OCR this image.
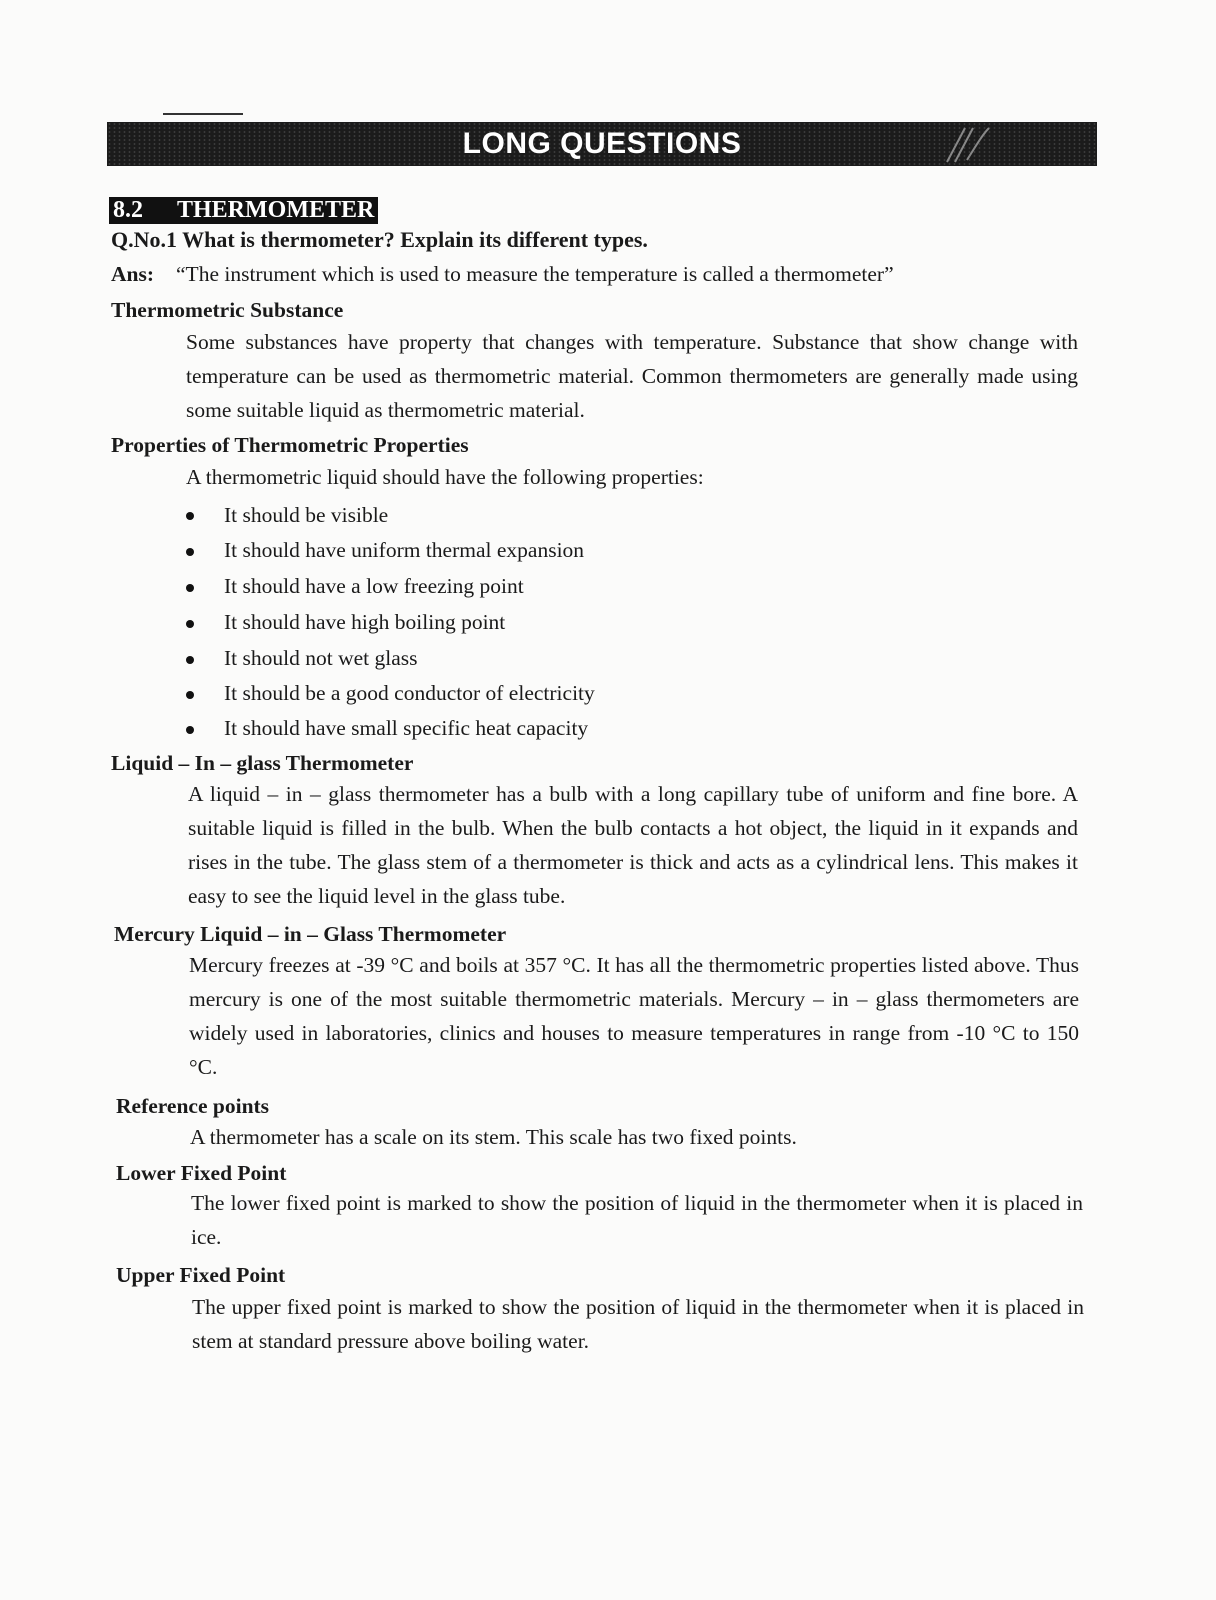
LONG QUESTIONS
8.2 THERMOMETER
Q.No.1 What is thermometer? Explain its different types.
Ans: “The instrument which is used to measure the temperature is called a thermometer”
Thermometric Substance
Some substances have property that changes with temperature. Substance that show change with temperature can be used as thermometric material. Common thermometers are generally made using some suitable liquid as thermometric material.
Properties of Thermometric Properties
A thermometric liquid should have the following properties:
It should be visible
It should have uniform thermal expansion
It should have a low freezing point
It should have high boiling point
It should not wet glass
It should be a good conductor of electricity
It should have small specific heat capacity
Liquid – In – glass Thermometer
A liquid – in – glass thermometer has a bulb with a long capillary tube of uniform and fine bore. A suitable liquid is filled in the bulb. When the bulb contacts a hot object, the liquid in it expands and rises in the tube. The glass stem of a thermometer is thick and acts as a cylindrical lens. This makes it easy to see the liquid level in the glass tube.
Mercury Liquid – in – Glass Thermometer
Mercury freezes at -39 °C and boils at 357 °C. It has all the thermometric properties listed above. Thus mercury is one of the most suitable thermometric materials. Mercury – in – glass thermometers are widely used in laboratories, clinics and houses to measure temperatures in range from -10 °C to 150 °C.
Reference points
A thermometer has a scale on its stem. This scale has two fixed points.
Lower Fixed Point
The lower fixed point is marked to show the position of liquid in the thermometer when it is placed in ice.
Upper Fixed Point
The upper fixed point is marked to show the position of liquid in the thermometer when it is placed in stem at standard pressure above boiling water.
